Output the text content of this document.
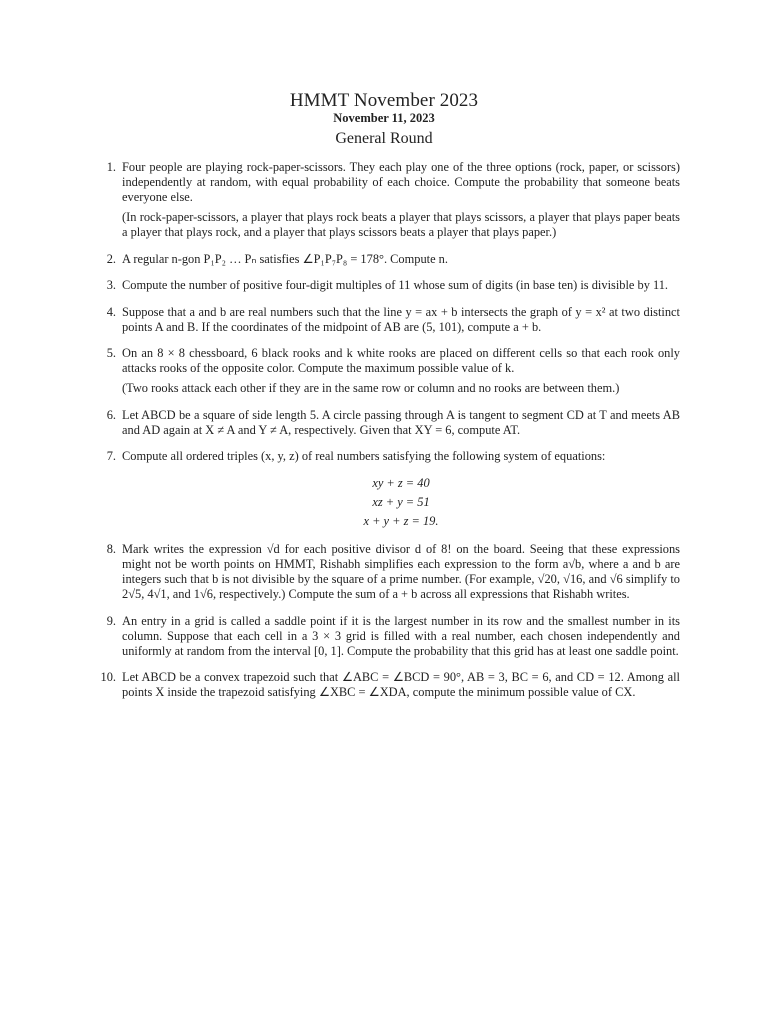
HMMT November 2023
November 11, 2023
General Round
1. Four people are playing rock-paper-scissors. They each play one of the three options (rock, paper, or scissors) independently at random, with equal probability of each choice. Compute the probability that someone beats everyone else.

(In rock-paper-scissors, a player that plays rock beats a player that plays scissors, a player that plays paper beats a player that plays rock, and a player that plays scissors beats a player that plays paper.)

2. A regular n-gon P₁P₂ … Pₙ satisfies ∠P₁P₇P₈ = 178°. Compute n.

3. Compute the number of positive four-digit multiples of 11 whose sum of digits (in base ten) is divisible by 11.

4. Suppose that a and b are real numbers such that the line y = ax + b intersects the graph of y = x² at two distinct points A and B. If the coordinates of the midpoint of AB are (5, 101), compute a + b.

5. On an 8 × 8 chessboard, 6 black rooks and k white rooks are placed on different cells so that each rook only attacks rooks of the opposite color. Compute the maximum possible value of k.

(Two rooks attack each other if they are in the same row or column and no rooks are between them.)

6. Let ABCD be a square of side length 5. A circle passing through A is tangent to segment CD at T and meets AB and AD again at X ≠ A and Y ≠ A, respectively. Given that XY = 6, compute AT.

7. Compute all ordered triples (x, y, z) of real numbers satisfying the following system of equations:

xy + z = 40
xz + y = 51
x + y + z = 19.
8. Mark writes the expression √d for each positive divisor d of 8! on the board. Seeing that these expressions might not be worth points on HMMT, Rishabh simplifies each expression to the form a√b, where a and b are integers such that b is not divisible by the square of a prime number. (For example, √20, √16, and √6 simplify to 2√5, 4√1, and 1√6, respectively.) Compute the sum of a + b across all expressions that Rishabh writes.

9. An entry in a grid is called a saddle point if it is the largest number in its row and the smallest number in its column. Suppose that each cell in a 3 × 3 grid is filled with a real number, each chosen independently and uniformly at random from the interval [0, 1]. Compute the probability that this grid has at least one saddle point.

10. Let ABCD be a convex trapezoid such that ∠ABC = ∠BCD = 90°, AB = 3, BC = 6, and CD = 12. Among all points X inside the trapezoid satisfying ∠XBC = ∠XDA, compute the minimum possible value of CX.
